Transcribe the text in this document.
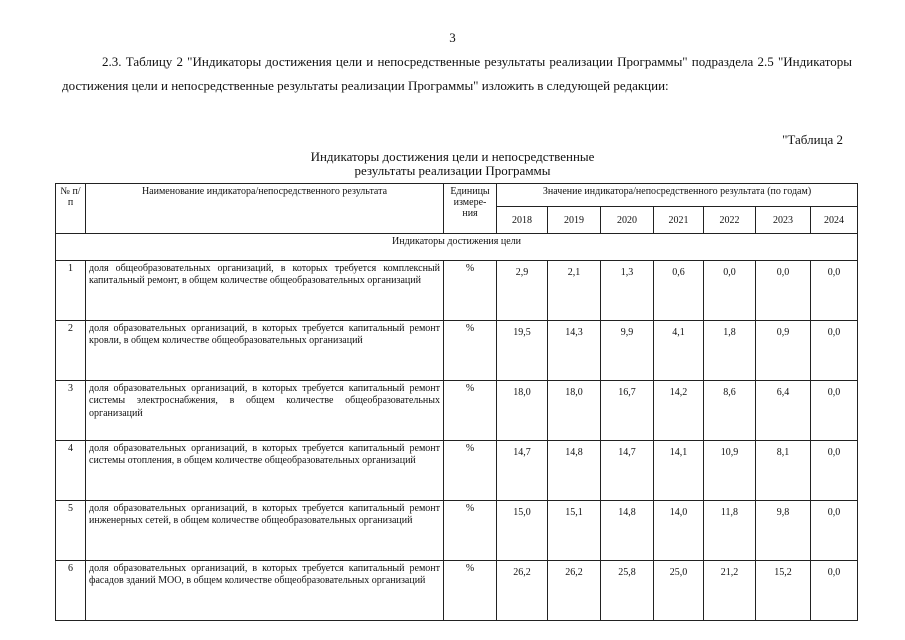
3

2.3. Таблицу 2 "Индикаторы достижения цели и непосредственные результаты реализации Программы" подраздела 2.5 "Индикаторы достижения цели и непосредственные результаты реализации Программы" изложить в следующей редакции:

"Таблица 2
Индикаторы достижения цели и непосредственные
результаты реализации Программы
№ п/п	Наименование индикатора/непосредственного результата	Единицы измере-ния	Значение индикатора/непосредственного результата (по годам)						
			2018	2019	2020	2021	2022	2023	2024
Индикаторы достижения цели									
1	доля общеобразовательных организаций, в которых требуется комплексный капитальный ремонт, в общем количестве общеобразовательных организаций	%	2,9	2,1	1,3	0,6	0,0	0,0	0,0
2	доля образовательных организаций, в которых требуется капитальный ремонт кровли, в общем количестве общеобразовательных организаций	%	19,5	14,3	9,9	4,1	1,8	0,9	0,0
3	доля образовательных организаций, в которых требуется капитальный ремонт системы электроснабжения, в общем количестве общеобразовательных организаций	%	18,0	18,0	16,7	14,2	8,6	6,4	0,0
4	доля образовательных организаций, в которых требуется капитальный ремонт системы отопления, в общем количестве общеобразовательных организаций	%	14,7	14,8	14,7	14,1	10,9	8,1	0,0
5	доля образовательных организаций, в которых требуется капитальный ремонт инженерных сетей, в общем количестве общеобразовательных организаций	%	15,0	15,1	14,8	14,0	11,8	9,8	0,0
6	доля образовательных организаций, в которых требуется капитальный ремонт фасадов зданий МОО, в общем количестве общеобразовательных организаций	%	26,2	26,2	25,8	25,0	21,2	15,2	0,0
